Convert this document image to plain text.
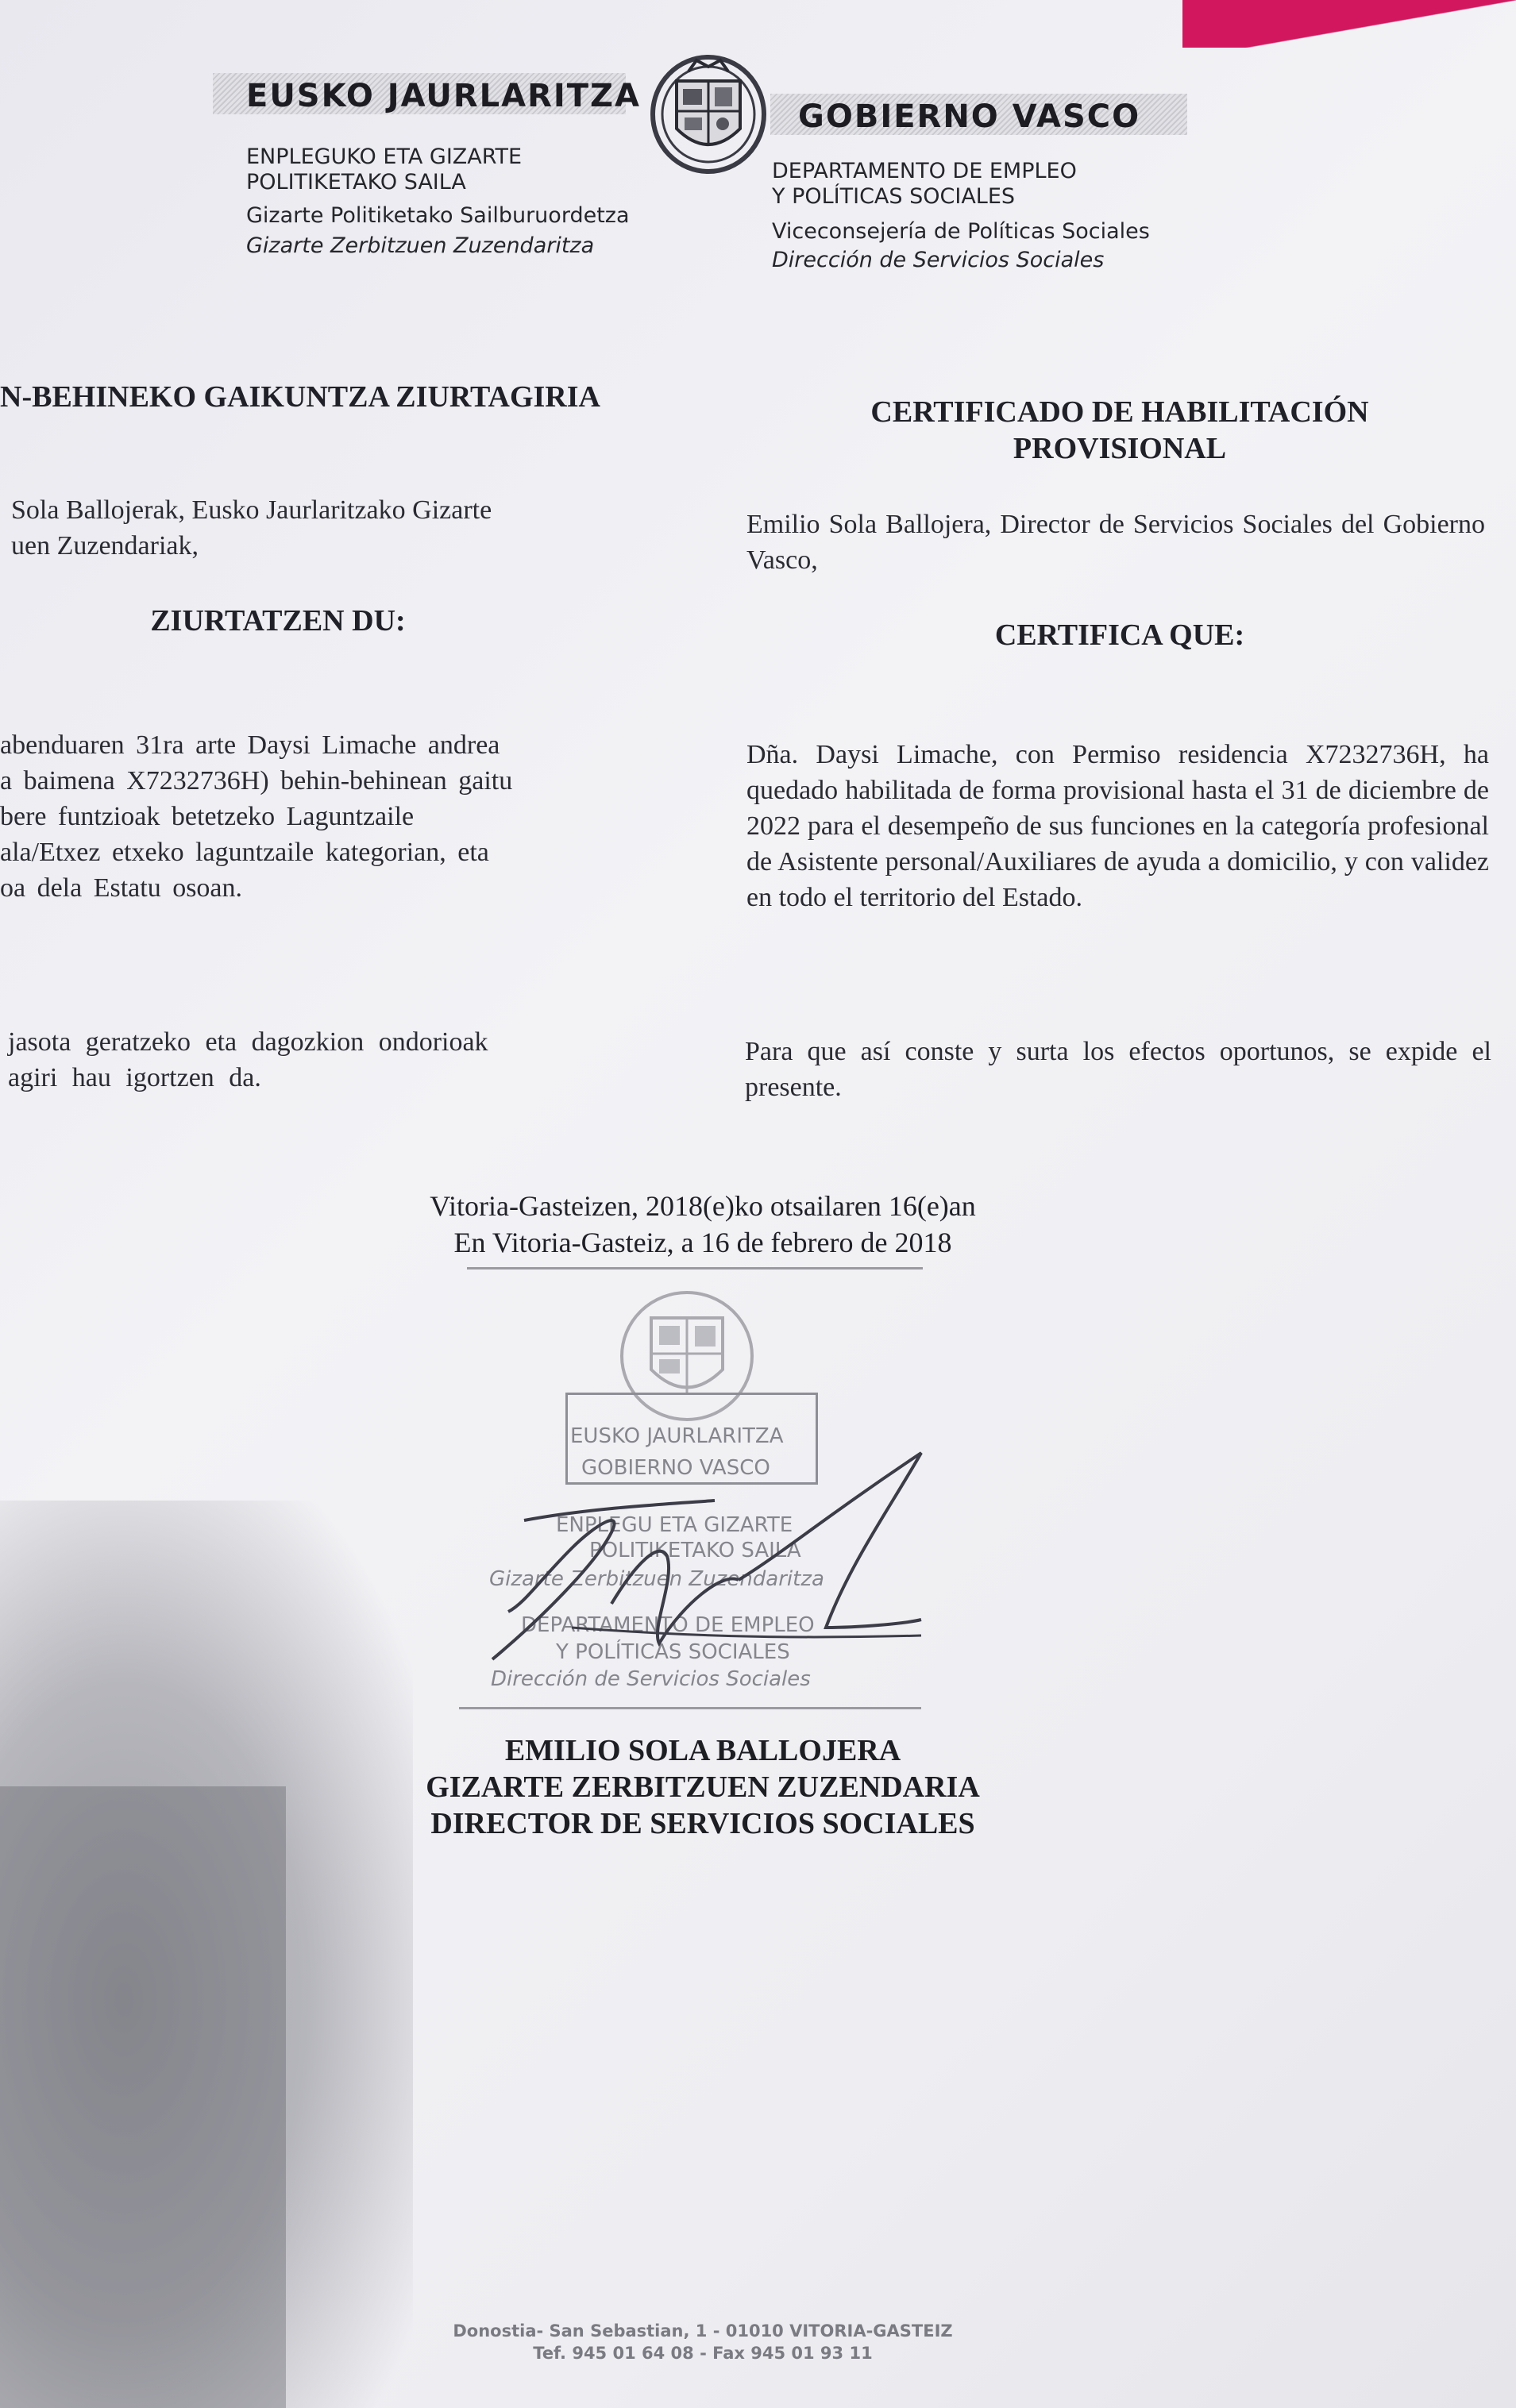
EUSKO JAURLARITZA
GOBIERNO VASCO
ENPLEGUKO ETA GIZARTE
POLITIKETAKO SAILA
Gizarte Politiketako Sailburuordetza
Gizarte Zerbitzuen Zuzendaritza
DEPARTAMENTO DE EMPLEO
Y POLÍTICAS SOCIALES
Viceconsejería de Políticas Sociales
Dirección de Servicios Sociales
N-BEHINEKO GAIKUNTZA ZIURTAGIRIA
Sola Ballojerak, Eusko Jaurlaritzako Gizarte
uen Zuzendariak,
ZIURTATZEN DU:
abenduaren 31ra arte Daysi Limache andrea
a baimena X7232736H) behin-behinean gaitu
bere funtzioak betetzeko Laguntzaile
ala/Etxez etxeko laguntzaile kategorian, eta
oa dela Estatu osoan.
jasota geratzeko eta dagozkion ondorioak
agiri hau igortzen da.
CERTIFICADO DE HABILITACIÓN PROVISIONAL
Emilio Sola Ballojera, Director de Servicios Sociales del Gobierno Vasco,
CERTIFICA QUE:
Dña. Daysi Limache, con Permiso residencia X7232736H, ha quedado habilitada de forma provisional hasta el 31 de diciembre de 2022 para el desempeño de sus funciones en la categoría profesional de Asistente personal/Auxiliares de ayuda a domicilio, y con validez en todo el territorio del Estado.
Para que así conste y surta los efectos oportunos, se expide el presente.
Vitoria-Gasteizen, 2018(e)ko otsailaren 16(e)an
En Vitoria-Gasteiz, a 16 de febrero de 2018
EUSKO JAURLARITZA
GOBIERNO VASCO
ENPLEGU ETA GIZARTE
POLITIKETAKO SAILA
Gizarte Zerbitzuen Zuzendaritza
DEPARTAMENTO DE EMPLEO
Y POLÍTICAS SOCIALES
Dirección de Servicios Sociales
EMILIO SOLA BALLOJERA
GIZARTE ZERBITZUEN ZUZENDARIA
DIRECTOR DE SERVICIOS SOCIALES
Donostia- San Sebastian, 1 - 01010 VITORIA-GASTEIZ
Tef. 945 01 64 08 - Fax 945 01 93 11
